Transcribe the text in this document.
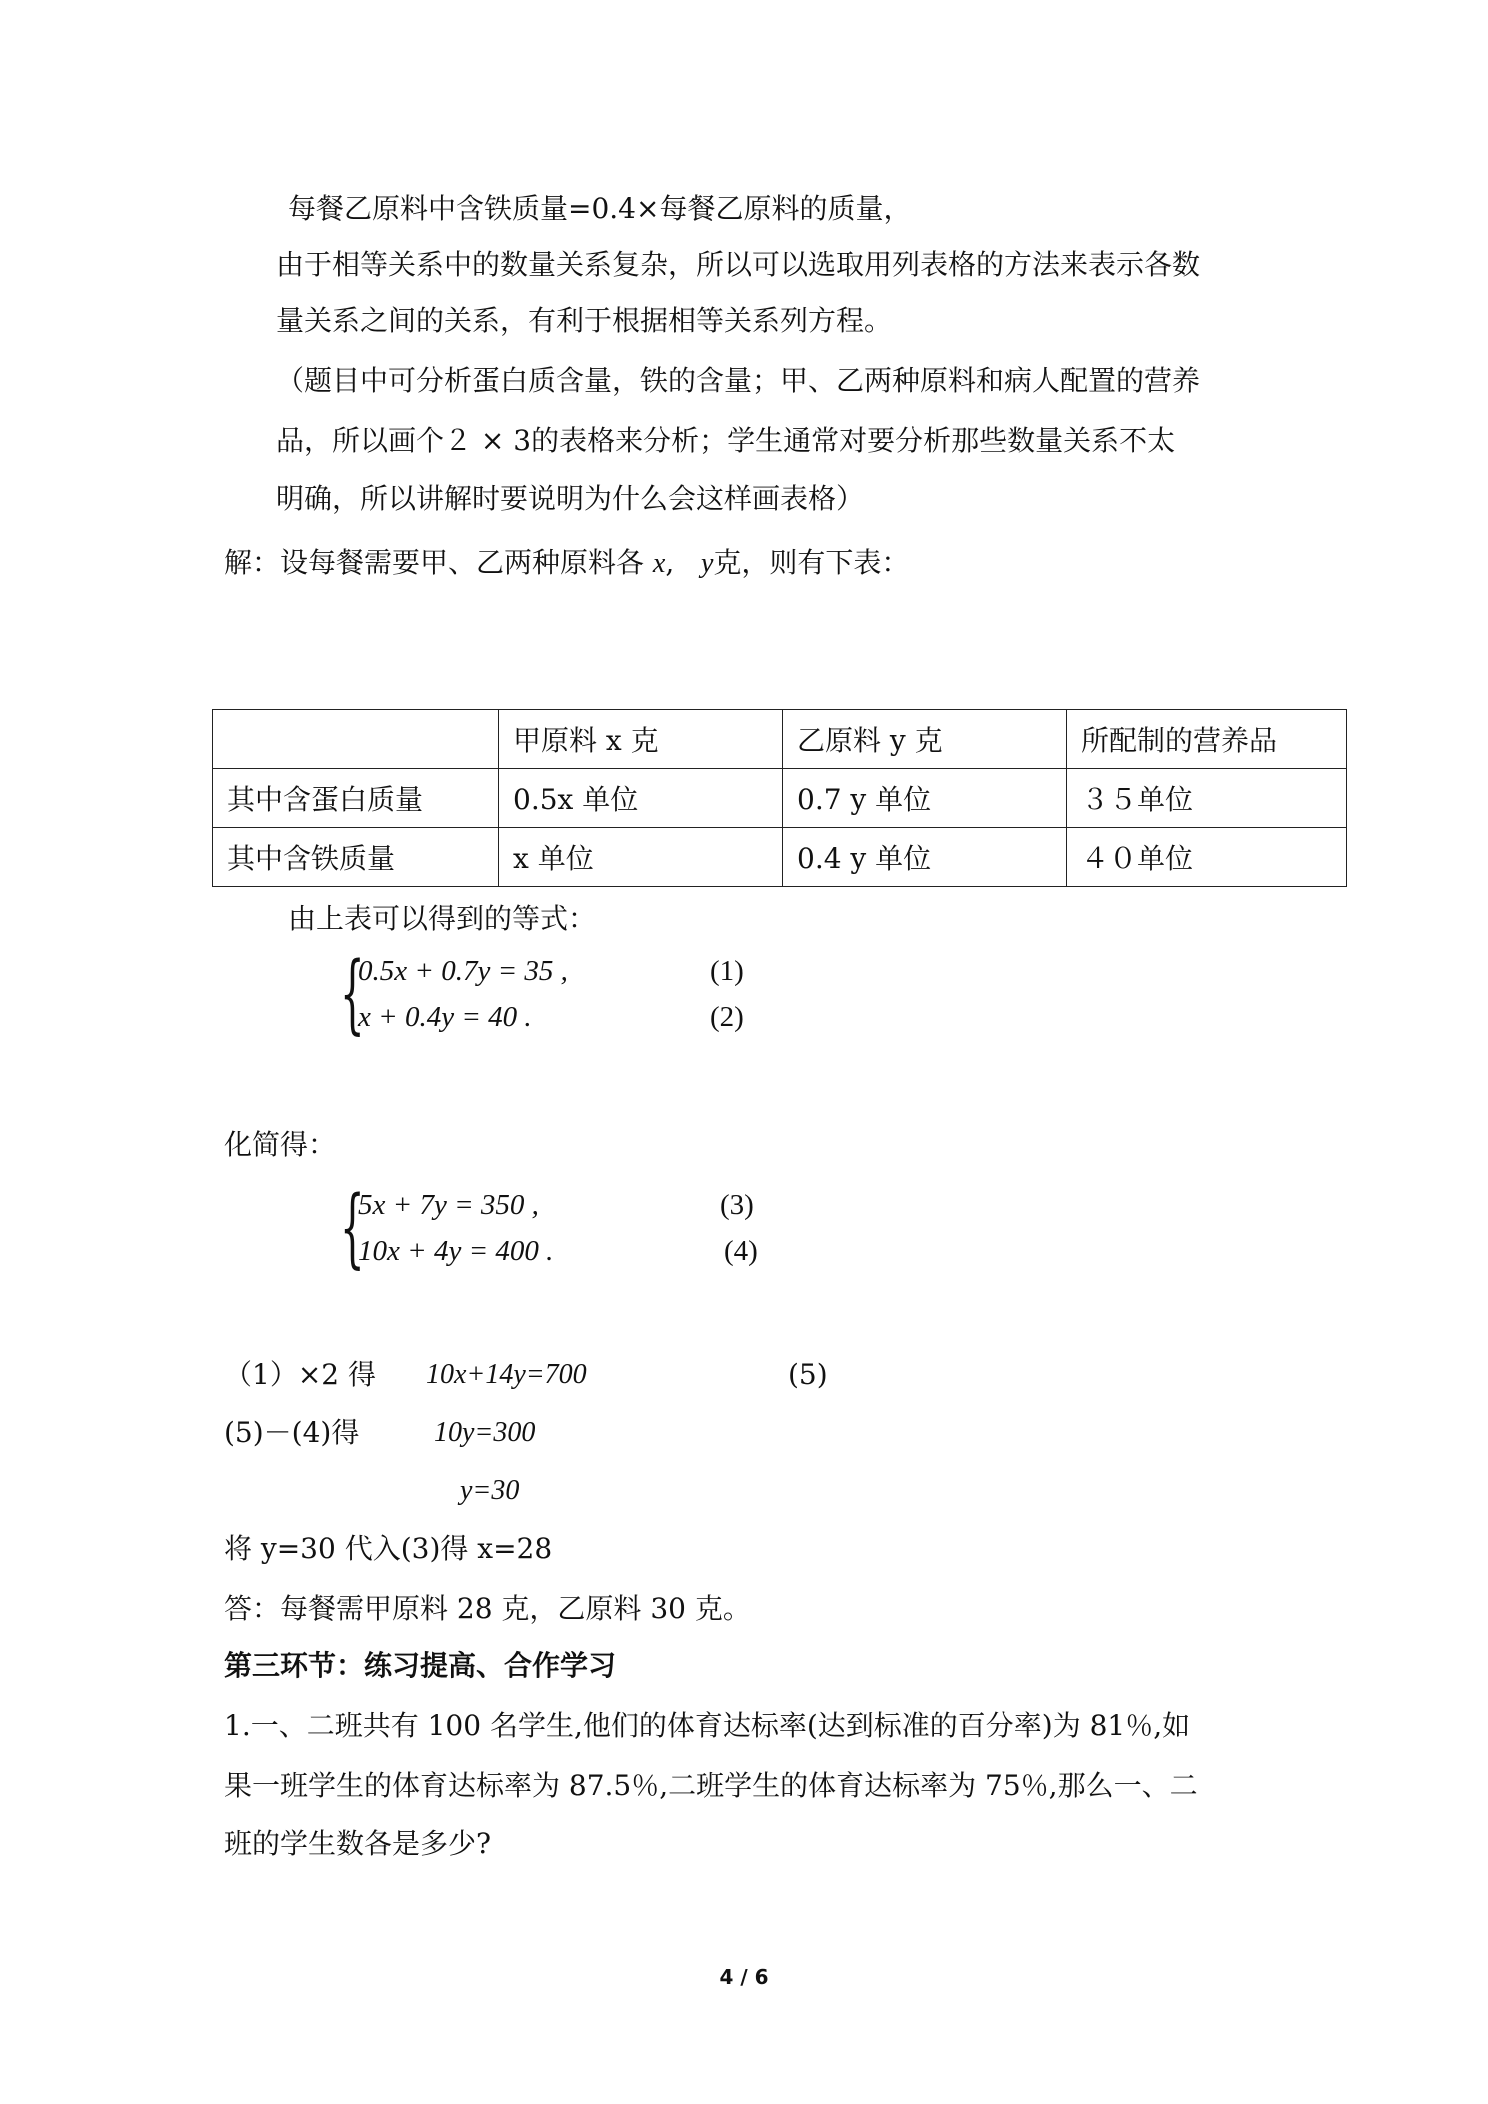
每餐乙原料中含铁质量=0.4×每餐乙原料的质量，
由于相等关系中的数量关系复杂，所以可以选取用列表格的方法来表示各数
量关系之间的关系，有利于根据相等关系列方程。
（题目中可分析蛋白质含量，铁的含量；甲、乙两种原料和病人配置的营养
品，所以画个２ × 3的表格来分析；学生通常对要分析那些数量关系不太
明确，所以讲解时要说明为什么会这样画表格）
解：设每餐需要甲、乙两种原料各 x, y克，则有下表：
	甲原料 x 克	乙原料 y 克	所配制的营养品
其中含蛋白质量	0.5x 单位	0.7 y 单位	３５单位
其中含铁质量	x 单位	0.4 y 单位	４０单位
由上表可以得到的等式：
{
0.5x + 0.7y = 35 ,
x + 0.4y = 40 .
(1)
(2)
化简得：
{
5x + 7y = 350 ,
10x + 4y = 400 .
(3)
(4)
（1）×2 得 10x+14y=700	(5)
(5)－(4)得	10y=300
y=30
将 y=30 代入(3)得 x=28
答：每餐需甲原料 28 克，乙原料 30 克。
第三环节：练习提高、合作学习
1.一、二班共有 100 名学生,他们的体育达标率(达到标准的百分率)为 81％,如
果一班学生的体育达标率为 87.5％,二班学生的体育达标率为 75％,那么一、二
班的学生数各是多少?
4 / 6
